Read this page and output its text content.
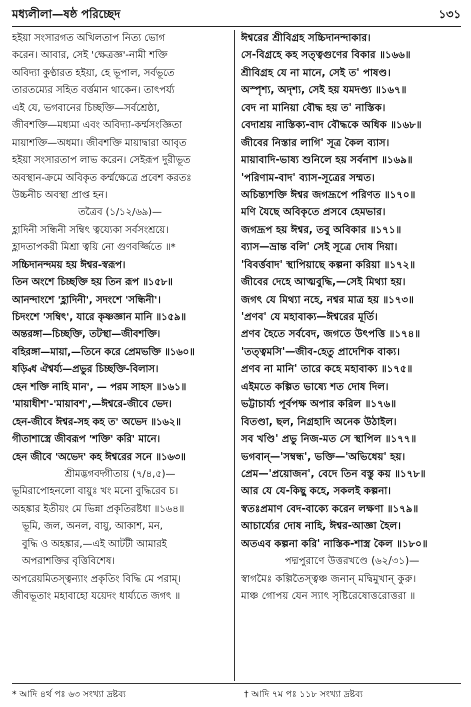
মধ্যলীলা—ষষ্ঠ পরিচ্ছেদ	১৩১
হইয়া সংসারগত অখিলতাপ নিত্য ভোগ
করেন। আবার, সেই 'ক্ষেত্রজ্ঞ'-নামী শক্তি
অবিদ্যা কুণ্ঠারত হইয়া, হে ভূপাল, সর্বভূতে
তারতম্যের সহিত বর্ত্তমান থাকেন। তাৎপর্য্য
এই যে, ভগবানের চিচ্ছক্তি—সর্বশ্রেষ্ঠা,
জীবশক্তি—মধ্যমা এবং অবিদ্যা-কর্ম্মসংজ্ঞিতা
মায়াশক্তি—অধমা। জীবশক্তি মায়াদ্বারা আবৃত
হইয়া সংসারতাপ লাভ করেন। সেইরূপ দুরীভূত
অবস্থান-ক্রমে অবিকৃত কর্ম্মক্ষেত্রে প্রবেশ করতঃ
উচ্চনীচ অবস্থা প্রাপ্ত হন।
তত্রৈব (১/১২/৬৯)—
হ্লাদিনী সন্ধিনী সম্বিৎ ত্বয্যেকা সর্বসংশ্রয়ে।
হ্লাদতাপকরী মিশ্রা ত্বয়ি নো গুণবর্জ্জিতে ॥*
সচ্চিদানন্দময় হয় ঈশ্বর-স্বরূপ।
তিন অংশে চিচ্ছক্তি হয় তিন রূপ ॥১৫৮॥
আনন্দাংশে 'হ্লাদিনী', সদংশে 'সন্ধিনী'।
চিদংশে 'সম্বিৎ', যারে কৃষ্ণজ্ঞান মানি ॥১৫৯॥
অন্তরঙ্গা—চিচ্ছক্তি, তটস্থা—জীবশক্তি।
বহিরঙ্গা—মায়া,—তিনে করে প্রেমভক্তি ॥১৬০॥
ষড়্বিধ ঐশ্বর্য্য—প্রভুর চিচ্ছক্তি-বিলাস।
হেন শক্তি নাহি মান', — পরম সাহস ॥১৬১॥
'মায়াধীশ'-'মায়াবশ',—ঈশ্বরে-জীবে ভেদ।
হেন-জীবে ঈশ্বর-সহ কহ ত' অভেদ ॥১৬২॥
গীতাশাস্ত্রে জীবরূপ 'শক্তি' করি' মানে।
হেন জীবে 'অভেদ' কহ ঈশ্বরের সনে ॥১৬৩॥
শ্রীমদ্ভগবদ্গীতায় (৭/৪,৫)—
ভূমিরাপোহনলো বায়ুঃ খং মনো বুদ্ধিরেব চ।
অহঙ্কার ইতীয়ং মে ভিন্না প্রকৃতিরষ্টধা ॥১৬৪॥
ভূমি, জল, অনল, বায়ু, আকাশ, মন,
বুদ্ধি ও অহঙ্কার,—এই আটটী আমারই
অপরাশক্তির বৃত্তিবিশেষ।
অপরেয়মিতস্ত্বন্যাং প্রকৃতিং বিদ্ধি মে পরাম্।
জীবভূতাং মহাবাহো যয়েদং ধার্য্যতে জগৎ ॥
ঈশ্বরের শ্রীবিগ্রহ সচ্চিদানন্দাকার।
সে-বিগ্রহে কহ সত্ত্বগুণের বিকার ॥১৬৬॥
শ্রীবিগ্রহ যে না মানে, সেই ত' পাষণ্ড।
অস্পৃশ্য, অদৃশ্য, সেই হয় যমদণ্ড্য ॥১৬৭॥
বেদ না মানিয়া বৌদ্ধ হয় ত' নাস্তিক।
বেদাশ্রয় নাস্তিক্য-বাদ বৌদ্ধকে অধিক ॥১৬৮॥
জীবের নিস্তার লাগি' সূত্র কৈল ব্যাস।
মায়াবাদি-ভাষ্য শুনিলে হয় সর্বনাশ ॥১৬৯॥
'পরিণাম-বাদ' ব্যাস-সূত্রের সম্মত।
অচিন্ত্যশক্তি ঈশ্বর জগদ্রূপে পরিণত ॥১৭০॥
মণি যৈছে অবিকৃতে প্রসবে হেমভার।
জগদ্রূপ হয় ঈশ্বর, তবু অবিকার ॥১৭১॥
ব্যাস—ভ্রান্ত বলি' সেই সূত্রে দোষ দিয়া।
'বিবর্ত্তবাদ' স্থাপিয়াছে কল্পনা করিয়া ॥১৭২॥
জীবের দেহে আত্মবুদ্ধি,—সেই মিথ্যা হয়।
জগৎ যে মিথ্যা নহে, নশ্বর মাত্র হয় ॥১৭৩॥
'প্রণব' যে মহাবাক্য—ঈশ্বরের মূর্তি।
প্রণব হৈতে সর্ববেদ, জগতে উৎপত্তি ॥১৭৪॥
'তত্ত্বমসি'—জীব-হেতু প্রাদেশিক বাক্য।
প্রণব না মানি' তারে কহে মহাবাক্য ॥১৭৫॥
এইমতে কল্পিত ভাষ্যে শত দোষ দিল।
ভট্টাচার্য্য পূর্বপক্ষ অপার করিল ॥১৭৬॥
বিতণ্ডা, ছল, নিগ্রহাদি অনেক উঠাইল।
সব খণ্ডি' প্রভু নিজ-মত সে স্থাপিল ॥১৭৭॥
ভগবান্—'সম্বন্ধ', ভক্তি—'অভিধেয়' হয়।
প্রেম—'প্রয়োজন', বেদে তিন বস্তু কয় ॥১৭৮॥
আর যে যে-কিছু কহে, সকলই কল্পনা।
স্বতঃপ্রমাণ বেদ-বাক্যে করেন লক্ষণা ॥১৭৯॥
আচার্য্যের দোষ নাহি, ঈশ্বর-আজ্ঞা হৈল।
অতএব কল্পনা করি' নাস্তিক-শাস্ত্র কৈল ॥১৮০॥
পদ্মপুরাণে উত্তরখণ্ডে (৬২/৩১)—
স্বাগমৈঃ কল্পিতৈস্ত্বঞ্চ জনান্ মদ্বিমুখান্ কুরু।
মাঞ্চ গোপয় যেন স্যাৎ সৃষ্টিরেষোত্তরোত্তরা ॥
* আদি ৪র্থ পঃ ৬৩ সংখ্যা দ্রষ্টব্য	† আদি ৭ম পঃ ১১৮ সংখ্যা দ্রষ্টব্য
